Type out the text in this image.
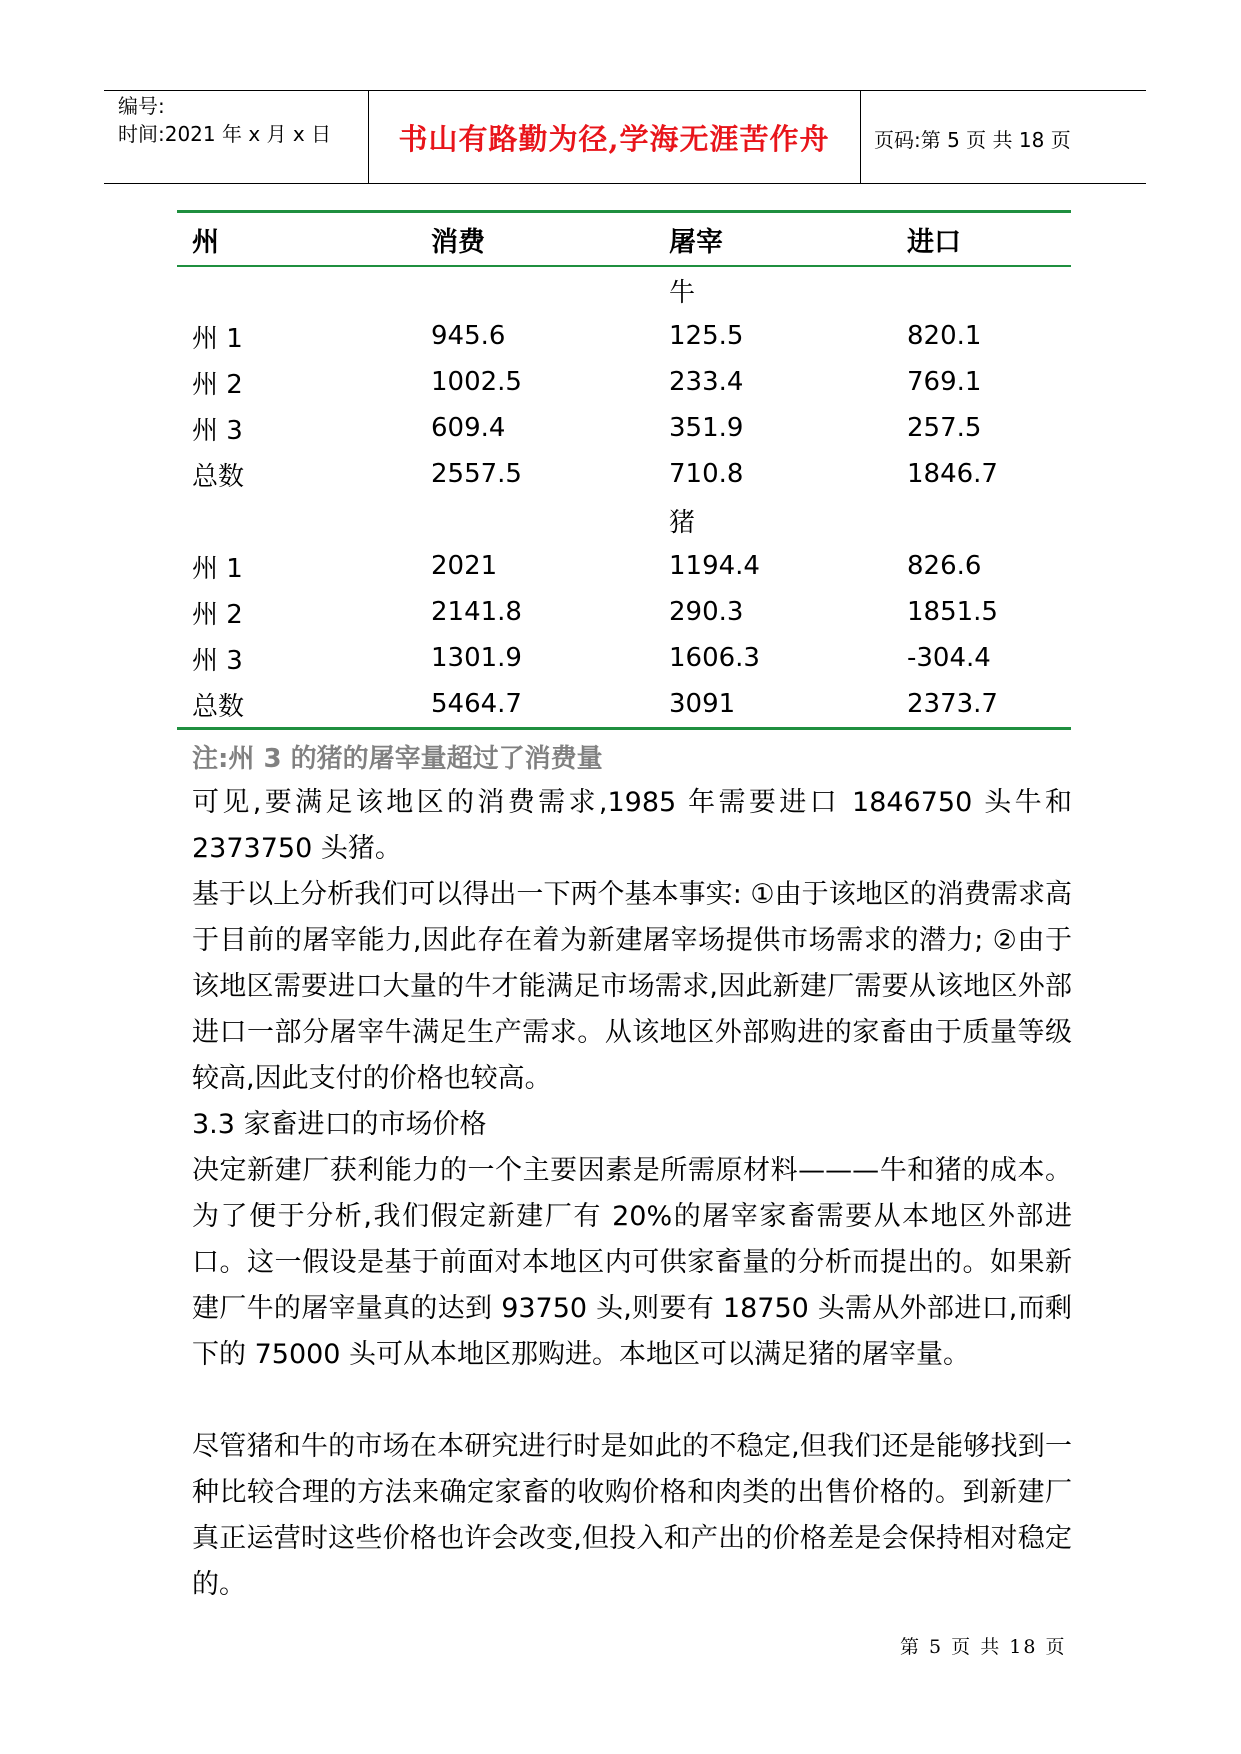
编号:
时间:2021 年 x 月 x 日	书山有路勤为径,学海无涯苦作舟	页码:第 5 页 共 18 页
州	消费	屠宰	进口

		牛	
州 1	945.6	125.5	820.1
州 2	1002.5	233.4	769.1
州 3	609.4	351.9	257.5
总数	2557.5	710.8	1846.7
		猪	
州 1	2021	1194.4	826.6
州 2	2141.8	290.3	1851.5
州 3	1301.9	1606.3	-304.4
总数	5464.7	3091	2373.7
注:州 3 的猪的屠宰量超过了消费量

可见,要满足该地区的消费需求,1985 年需要进口 1846750 头牛和 2373750 头猪。

基于以上分析我们可以得出一下两个基本事实: ①由于该地区的消费需求高于目前的屠宰能力,因此存在着为新建屠宰场提供市场需求的潜力; ②由于该地区需要进口大量的牛才能满足市场需求,因此新建厂需要从该地区外部进口一部分屠宰牛满足生产需求。从该地区外部购进的家畜由于质量等级较高,因此支付的价格也较高。

3.3 家畜进口的市场价格

决定新建厂获利能力的一个主要因素是所需原材料———牛和猪的成本。为了便于分析,我们假定新建厂有 20%的屠宰家畜需要从本地区外部进口。这一假设是基于前面对本地区内可供家畜量的分析而提出的。如果新建厂牛的屠宰量真的达到 93750 头,则要有 18750 头需从外部进口,而剩下的 75000 头可从本地区那购进。本地区可以满足猪的屠宰量。

尽管猪和牛的市场在本研究进行时是如此的不稳定,但我们还是能够找到一种比较合理的方法来确定家畜的收购价格和肉类的出售价格的。到新建厂真正运营时这些价格也许会改变,但投入和产出的价格差是会保持相对稳定的。

第 5 页 共 18 页
